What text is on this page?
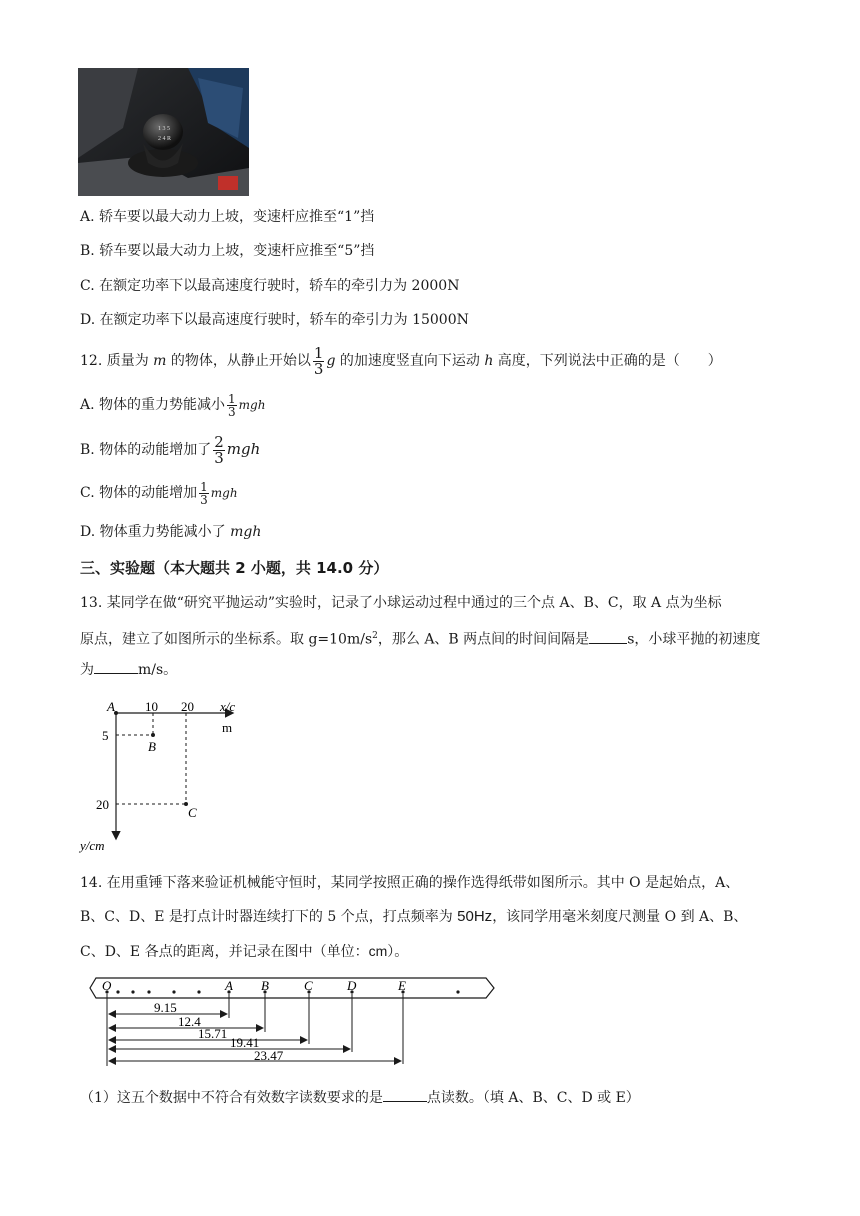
1 3 5
2 4 R
A. 轿车要以最大动力上坡，变速杆应推至“1”挡
B. 轿车要以最大动力上坡，变速杆应推至“5”挡
C. 在额定功率下以最高速度行驶时，轿车的牵引力为 2000N
D. 在额定功率下以最高速度行驶时，轿车的牵引力为 15000N
12. 质量为 m 的物体，从静止开始以 $\frac{1}{3}$ g 的加速度竖直向下运动 h 高度，下列说法中正确的是（　　）
A. 物体的重力势能减小 $\frac{1}{3}$ mgh
B. 物体的动能增加了 $\frac{2}{3}$ mgh
C. 物体的动能增加 $\frac{1}{3}$ mgh
D. 物体重力势能减小了 mgh
三、实验题（本大题共 2 小题，共 14.0 分）
13. 某同学在做“研究平抛运动”实验时，记录了小球运动过程中通过的三个点 A、B、C，取 A 点为坐标
原点，建立了如图所示的坐标系。取 $g=10m/s^2$，那么 A、B 两点间的时间间隔是	s，小球平抛的初速度
为	m/s。
A
B
C
10 20 x/c
m
5
20
y/cm
14. 在用重锤下落来验证机械能守恒时，某同学按照正确的操作选得纸带如图所示。其中 O 是起始点，A、
B、C、D、E 是打点计时器连续打下的 5 个点，打点频率为 50Hz，该同学用毫米刻度尺测量 O 到 A、B、
C、D、E 各点的距离，并记录在图中（单位：cm）。
O	A B	C	D	E
9.15
12.4
15.71
19.41
23.47
（1）这五个数据中不符合有效数字读数要求的是	点读数。（填 A、B、C、D 或 E）
